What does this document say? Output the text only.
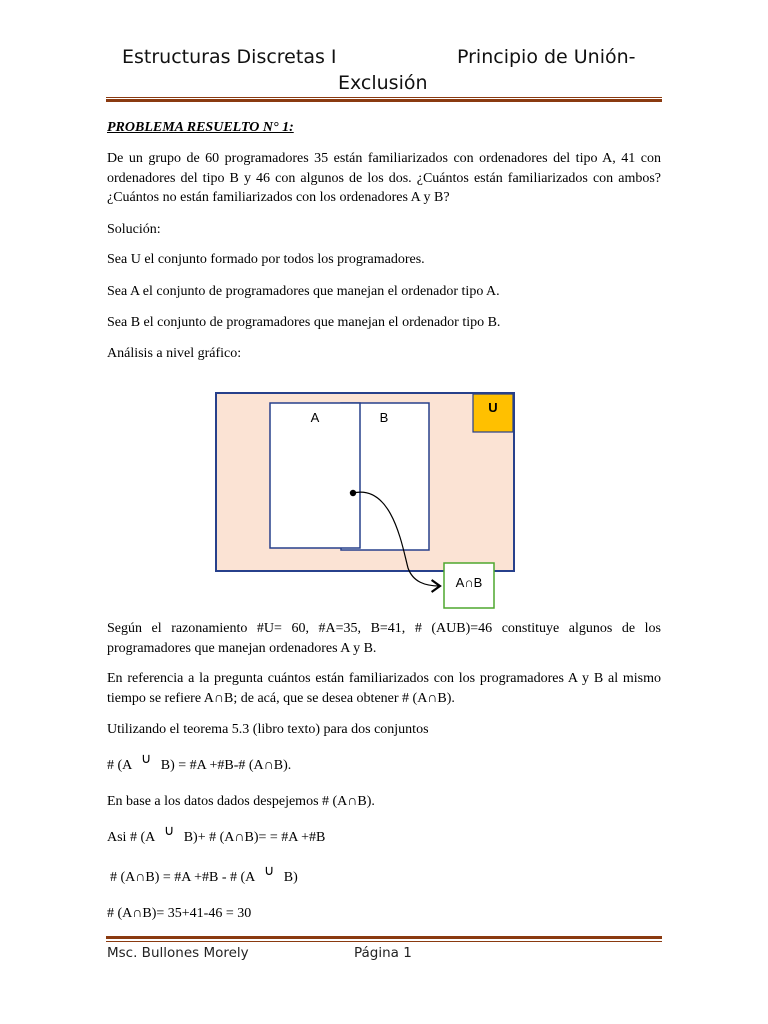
Estructuras Discretas I	Principio de Unión-
Exclusión
PROBLEMA RESUELTO N° 1:
De un grupo de 60 programadores 35 están familiarizados con ordenadores del tipo A, 41 con ordenadores del tipo B y 46 con algunos de los dos. ¿Cuántos están familiarizados con ambos? ¿Cuántos no están familiarizados con los ordenadores A y B?
Solución:
Sea U el conjunto formado por todos los programadores.
Sea A el conjunto de programadores que manejan el ordenador tipo A.
Sea B el conjunto de programadores que manejan el ordenador tipo B.
Análisis a nivel gráfico:
U
A	B
A∩B
Según el razonamiento #U= 60, #A=35, B=41, # (AUB)=46 constituye algunos de los programadores que manejan ordenadores A y B.
En referencia a la pregunta cuántos están familiarizados con los programadores A y B al mismo tiempo se refiere A∩B; de acá, que se desea obtener # (A∩B).
Utilizando el teorema 5.3 (libro texto) para dos conjuntos
# (A ∪ B) = #A +#B-# (A∩B).
En base a los datos dados despejemos # (A∩B).
Asi # (A ∪ B)+ # (A∩B)= = #A +#B
# (A∩B) = #A +#B - # (A ∪ B)
# (A∩B)= 35+41-46 = 30
Msc. Bullones Morely	Página 1
